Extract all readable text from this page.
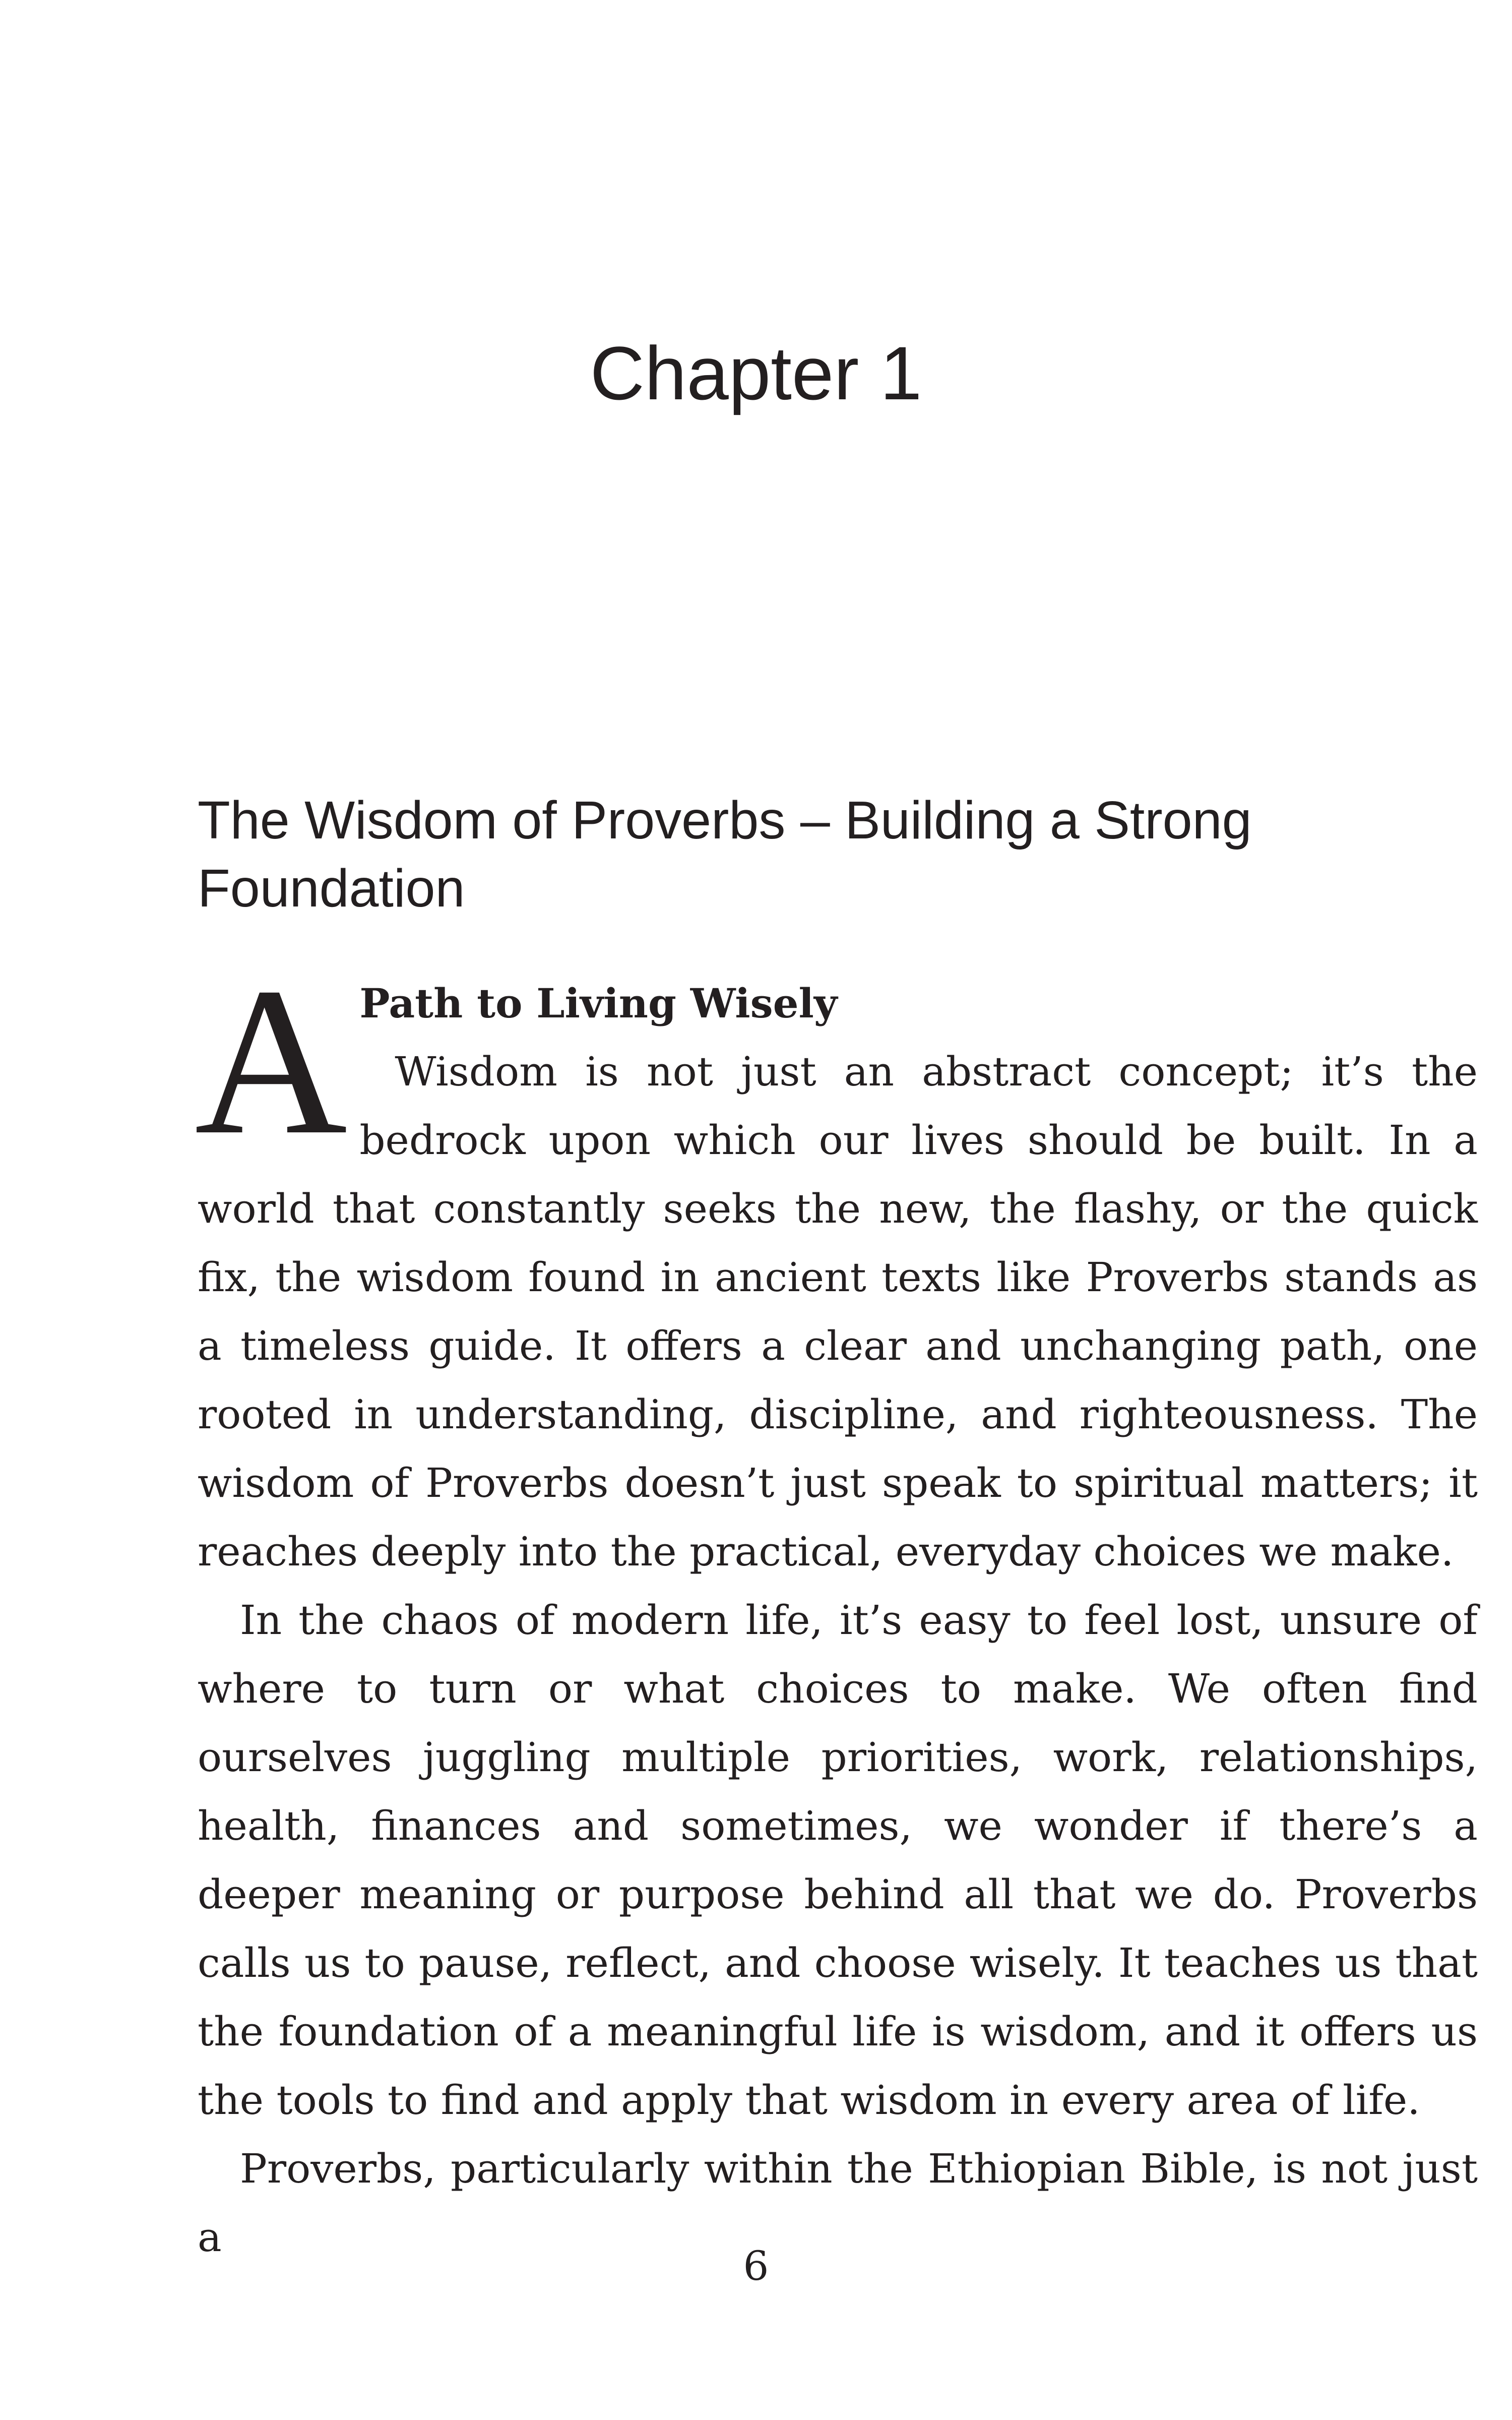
Chapter 1
The Wisdom of Proverbs – Building a Strong Foundation
A Path to Living Wisely

Wisdom is not just an abstract concept; it’s the bedrock upon which our lives should be built. In a world that constantly seeks the new, the flashy, or the quick fix, the wisdom found in ancient texts like Proverbs stands as a timeless guide. It offers a clear and unchanging path, one rooted in understanding, discipline, and righteousness. The wisdom of Proverbs doesn’t just speak to spiritual matters; it reaches deeply into the practical, everyday choices we make.

In the chaos of modern life, it’s easy to feel lost, unsure of where to turn or what choices to make. We often find ourselves juggling multiple priorities, work, relationships, health, finances and sometimes, we wonder if there’s a deeper meaning or purpose behind all that we do. Proverbs calls us to pause, reflect, and choose wisely. It teaches us that the foundation of a meaningful life is wisdom, and it offers us the tools to find and apply that wisdom in every area of life.

Proverbs, particularly within the Ethiopian Bible, is not just a

6
